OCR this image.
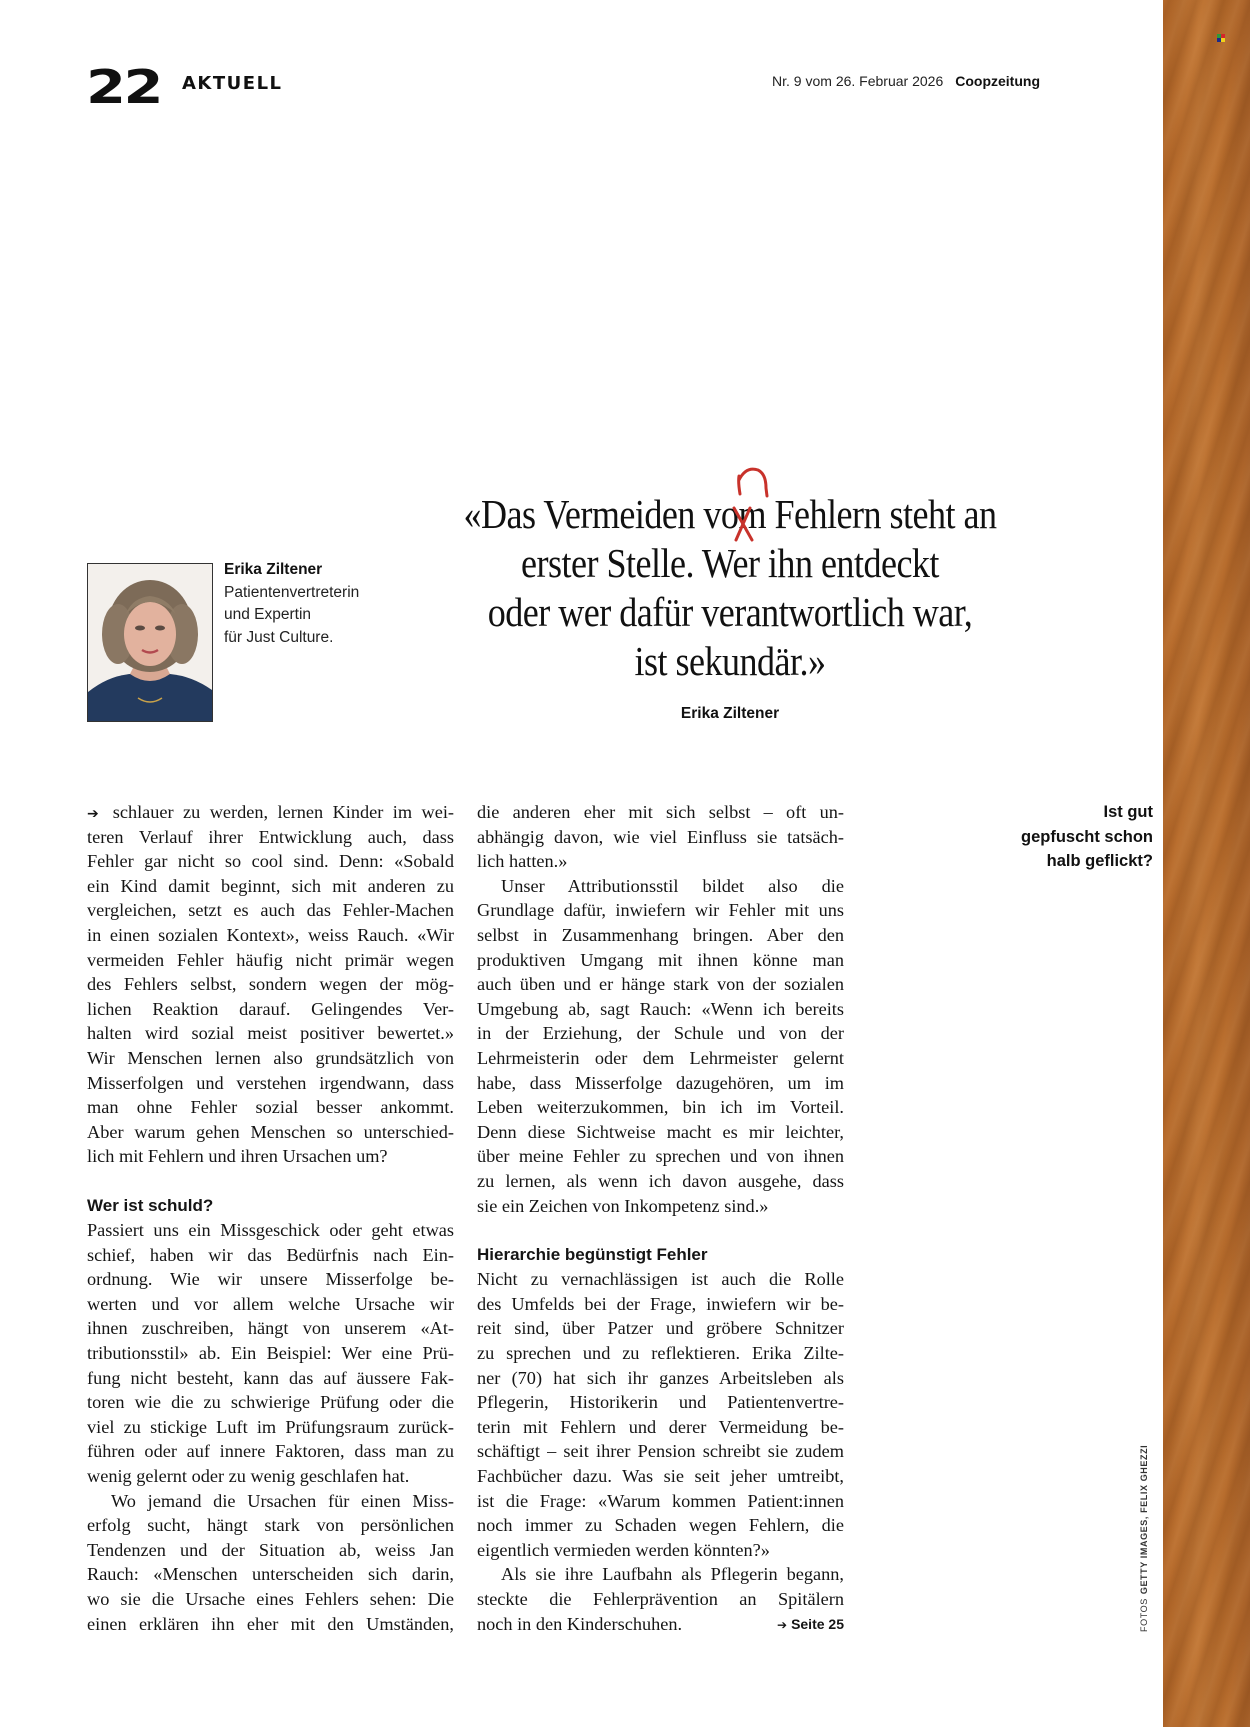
22 AKTUELL	Nr. 9 vom 26. Februar 2026 Coopzeitung
Erika Ziltener
Patientenvertreterin
und Expertin
für Just Culture.
«Das Vermeiden vom Fehlern steht an
erster Stelle. Wer ihn entdeckt
oder wer dafür verantwortlich war,
ist sekundär.»
Erika Ziltener
➔ schlauer zu werden, lernen Kinder im wei-
teren Verlauf ihrer Entwicklung auch, dass
Fehler gar nicht so cool sind. Denn: «Sobald
ein Kind damit beginnt, sich mit anderen zu
vergleichen, setzt es auch das Fehler-Machen
in einen sozialen Kontext», weiss Rauch. «Wir
vermeiden Fehler häufig nicht primär wegen
des Fehlers selbst, sondern wegen der mög-
lichen Reaktion darauf. Gelingendes Ver-
halten wird sozial meist positiver bewertet.»
Wir Menschen lernen also grundsätzlich von
Misserfolgen und verstehen irgendwann, dass
man ohne Fehler sozial besser ankommt.
Aber warum gehen Menschen so unterschied-
lich mit Fehlern und ihren Ursachen um?
Wer ist schuld?
Passiert uns ein Missgeschick oder geht etwas
schief, haben wir das Bedürfnis nach Ein-
ordnung. Wie wir unsere Misserfolge be-
werten und vor allem welche Ursache wir
ihnen zuschreiben, hängt von unserem «At-
tributionsstil» ab. Ein Beispiel: Wer eine Prü-
fung nicht besteht, kann das auf äussere Fak-
toren wie die zu schwierige Prüfung oder die
viel zu stickige Luft im Prüfungsraum zurück-
führen oder auf innere Faktoren, dass man zu
wenig gelernt oder zu wenig geschlafen hat.
Wo jemand die Ursachen für einen Miss-
erfolg sucht, hängt stark von persönlichen
Tendenzen und der Situation ab, weiss Jan
Rauch: «Menschen unterscheiden sich darin,
wo sie die Ursache eines Fehlers sehen: Die
einen erklären ihn eher mit den Umständen,
die anderen eher mit sich selbst – oft un-
abhängig davon, wie viel Einfluss sie tatsäch-
lich hatten.»
Unser Attributionsstil bildet also die
Grundlage dafür, inwiefern wir Fehler mit uns
selbst in Zusammenhang bringen. Aber den
produktiven Umgang mit ihnen könne man
auch üben und er hänge stark von der sozialen
Umgebung ab, sagt Rauch: «Wenn ich bereits
in der Erziehung, der Schule und von der
Lehrmeisterin oder dem Lehrmeister gelernt
habe, dass Misserfolge dazugehören, um im
Leben weiterzukommen, bin ich im Vorteil.
Denn diese Sichtweise macht es mir leichter,
über meine Fehler zu sprechen und von ihnen
zu lernen, als wenn ich davon ausgehe, dass
sie ein Zeichen von Inkompetenz sind.»
Hierarchie begünstigt Fehler
Nicht zu vernachlässigen ist auch die Rolle
des Umfelds bei der Frage, inwiefern wir be-
reit sind, über Patzer und gröbere Schnitzer
zu sprechen und zu reflektieren. Erika Zilte-
ner (70) hat sich ihr ganzes Arbeitsleben als
Pflegerin, Historikerin und Patientenvertre-
terin mit Fehlern und derer Vermeidung be-
schäftigt – seit ihrer Pension schreibt sie zudem
Fachbücher dazu. Was sie seit jeher umtreibt,
ist die Frage: «Warum kommen Patient:innen
noch immer zu Schaden wegen Fehlern, die
eigentlich vermieden werden könnten?»
Als sie ihre Laufbahn als Pflegerin begann,
steckte die Fehlerprävention an Spitälern
noch in den Kinderschuhen.	➔ Seite 25
Ist gut
gepfuscht schon
halb geflickt?
FOTOSGETTY IMAGES, FELIX GHEZZI
